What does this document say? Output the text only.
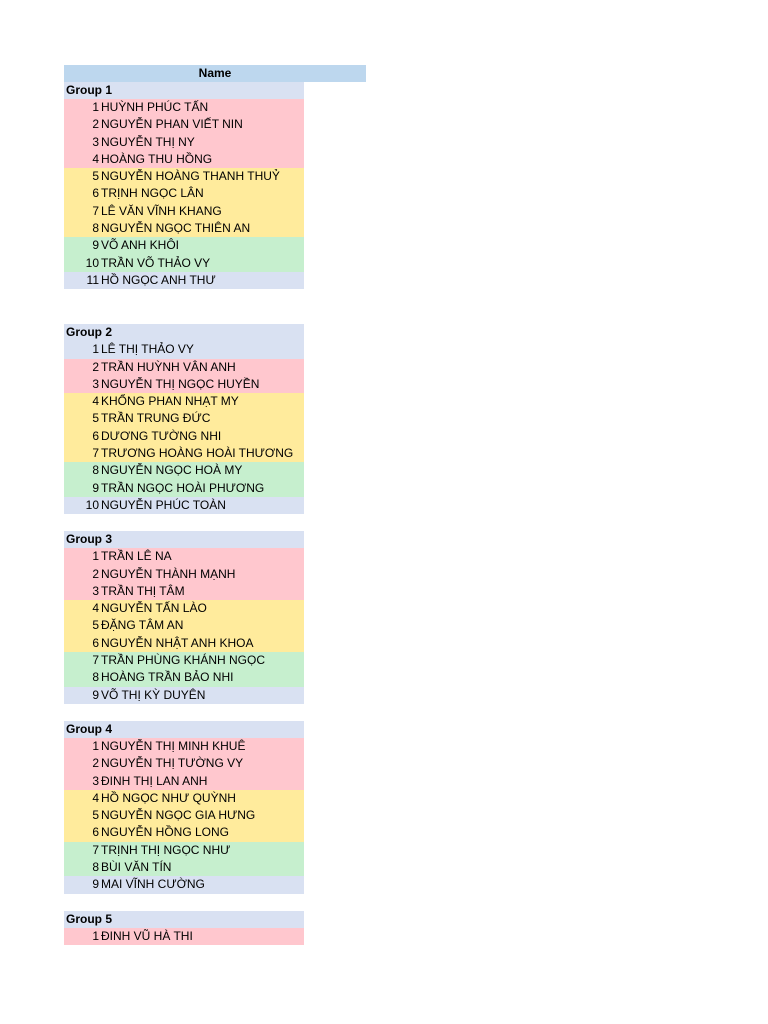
Name
Group 1
1 HUỲNH PHÚC TẤN
2 NGUYỄN PHAN VIẾT NIN
3 NGUYỄN THỊ NY
4 HOÀNG THU HỒNG
5 NGUYỄN HOÀNG THANH THUỶ
6 TRỊNH NGỌC LÂN
7 LÊ VĂN VĨNH KHANG
8 NGUYỄN NGỌC THIÊN AN
9 VÕ ANH KHÔI
10 TRẦN VÕ THẢO VY
11 HỒ NGỌC ANH THƯ
Group 2
1 LÊ THỊ THẢO VY
2 TRẦN HUỲNH VÂN ANH
3 NGUYỄN THỊ NGỌC HUYỀN
4 KHỔNG PHAN NHẠT MY
5 TRẦN TRUNG ĐỨC
6 DƯƠNG TƯỜNG NHI
7 TRƯƠNG HOÀNG HOÀI THƯƠNG
8 NGUYỄN NGỌC HOÀ MY
9 TRẦN NGỌC HOÀI PHƯƠNG
10 NGUYỄN PHÚC TOÀN
Group 3
1 TRẦN LÊ NA
2 NGUYỄN THÀNH MẠNH
3 TRẦN THỊ TÂM
4 NGUYỄN TẤN LÀO
5 ĐẶNG TÂM AN
6 NGUYỄN NHẬT ANH KHOA
7 TRẦN PHÙNG KHÁNH NGỌC
8 HOÀNG TRẦN BẢO NHI
9 VÕ THỊ KỲ DUYÊN
Group 4
1 NGUYỄN THỊ MINH KHUÊ
2 NGUYỄN THỊ TƯỜNG VY
3 ĐINH THỊ LAN ANH
4 HỒ NGỌC NHƯ QUỲNH
5 NGUYỄN NGỌC GIA HƯNG
6 NGUYỄN HỒNG LONG
7 TRỊNH THỊ NGỌC NHƯ
8 BÙI VĂN TÍN
9 MAI VĨNH CƯỜNG
Group 5
1 ĐINH VŨ HÀ THI
